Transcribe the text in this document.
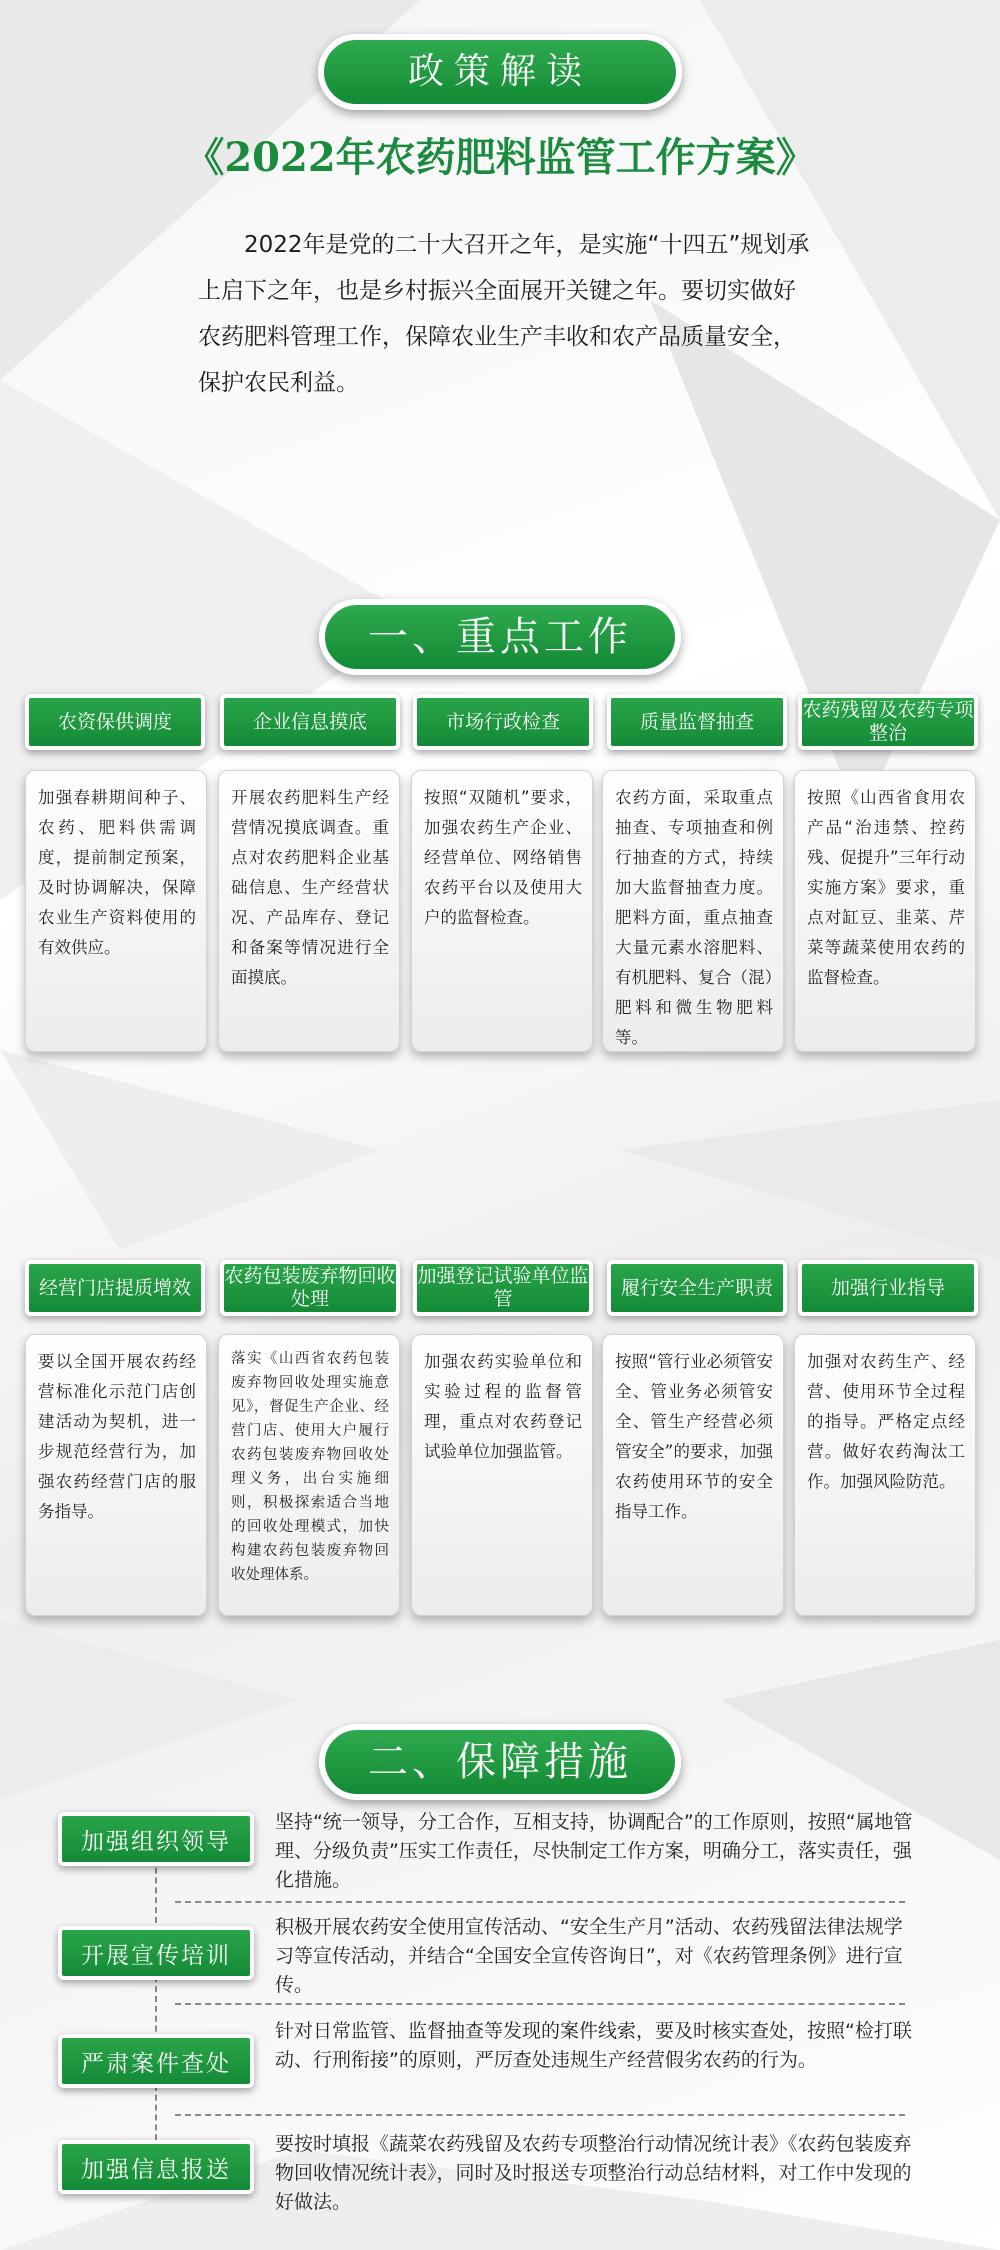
政策解读
《2022年农药肥料监管工作方案》

2022年是党的二十大召开之年，是实施“十四五”规划承上启下之年，也是乡村振兴全面展开关键之年。要切实做好农药肥料管理工作，保障农业生产丰收和农产品质量安全，保护农民利益。

一、重点工作
农资保供调度
加强春耕期间种子、农药、肥料供需调度，提前制定预案，及时协调解决，保障农业生产资料使用的有效供应。
企业信息摸底
开展农药肥料生产经营情况摸底调查。重点对农药肥料企业基础信息、生产经营状况、产品库存、登记和备案等情况进行全面摸底。
市场行政检查
按照“双随机”要求，加强农药生产企业、经营单位、网络销售农药平台以及使用大户的监督检查。
质量监督抽查
农药方面，采取重点抽查、专项抽查和例行抽查的方式，持续加大监督抽查力度。肥料方面，重点抽查大量元素水溶肥料、有机肥料、复合（混）肥料和微生物肥料等。
农药残留及农药专项整治
按照《山西省食用农产品“治违禁、控药残、促提升”三年行动实施方案》要求，重点对缸豆、韭菜、芹菜等蔬菜使用农药的监督检查。
经营门店提质增效
要以全国开展农药经营标准化示范门店创建活动为契机，进一步规范经营行为，加强农药经营门店的服务指导。
农药包装废弃物回收处理
落实《山西省农药包装废弃物回收处理实施意见》，督促生产企业、经营门店、使用大户履行农药包装废弃物回收处理义务，出台实施细则，积极探索适合当地的回收处理模式，加快构建农药包装废弃物回收处理体系。
加强登记试验单位监管
加强农药实验单位和实验过程的监督管理，重点对农药登记试验单位加强监管。
履行安全生产职责
按照“管行业必须管安全、管业务必须管安全、管生产经营必须管安全”的要求，加强农药使用环节的安全指导工作。
加强行业指导
加强对农药生产、经营、使用环节全过程的指导。严格定点经营。做好农药淘汰工作。加强风险防范。
二、保障措施
加强组织领导

坚持“统一领导，分工合作，互相支持，协调配合”的工作原则，按照“属地管理、分级负责”压实工作责任，尽快制定工作方案，明确分工，落实责任，强化措施。

开展宣传培训

积极开展农药安全使用宣传活动、“安全生产月”活动、农药残留法律法规学习等宣传活动，并结合“全国安全宣传咨询日”，对《农药管理条例》进行宣传。

严肃案件查处

针对日常监管、监督抽查等发现的案件线索，要及时核实查处，按照“检打联动、行刑衔接”的原则，严厉查处违规生产经营假劣农药的行为。

加强信息报送

要按时填报《蔬菜农药残留及农药专项整治行动情况统计表》《农药包装废弃物回收情况统计表》，同时及时报送专项整治行动总结材料，对工作中发现的好做法。
